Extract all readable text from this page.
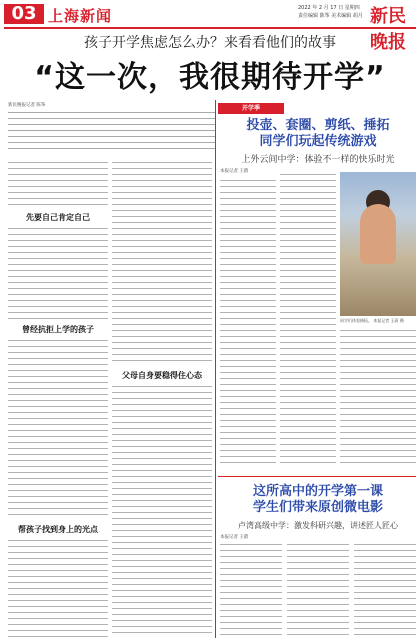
03 上海新闻	2022 年 2 月 17 日 星期四
责任编辑 陈筝 美术编辑 胡月 新民晚报
孩子开学焦虑怎么办？来看看他们的故事
“这一次，我很期待开学”
新民晚报记者 陈筝
先要自己肯定自己
曾经抗拒上学的孩子
帮孩子找到身上的光点
父母自身要稳得住心态
开学季
投壶、套圈、剪纸、捶拓
同学们玩起传统游戏
上外云间中学：体验不一样的快乐时光
本报记者 王蔚
同学们体验捶拓。 本报记者 王蔚 摄
这所高中的开学第一课
学生们带来原创微电影
卢湾高级中学：激发科研兴趣，讲述匠人匠心
本报记者 王蔚
